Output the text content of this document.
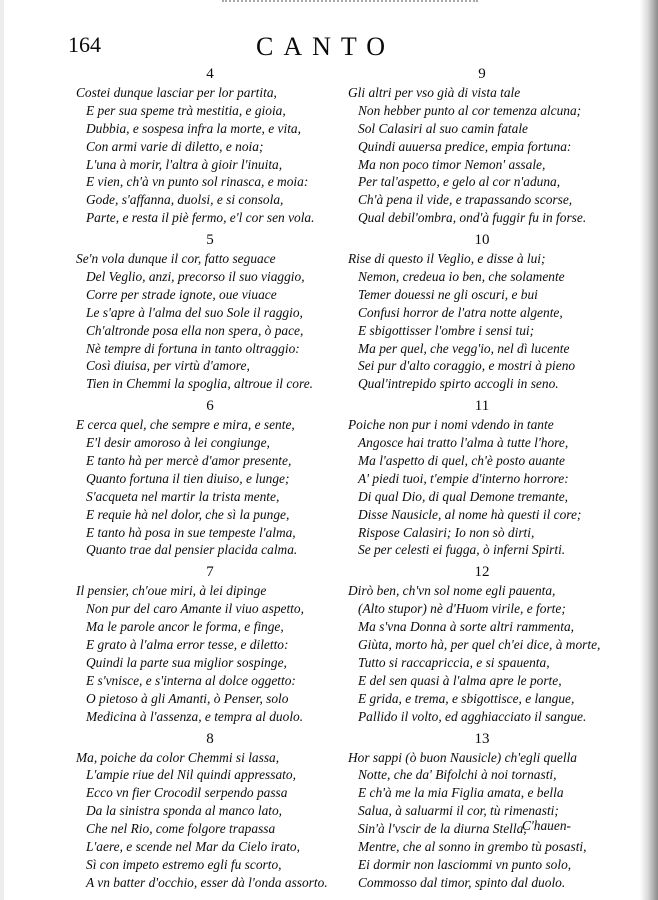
164	CANTO
4
Costei dunque lasciar per lor partita,
E per sua speme trà mestitia, e gioia,
Dubbia, e sospesa infra la morte, e vita,
Con armi varie di diletto, e noia;
L'una à morir, l'altra à gioir l'inuita,
E vien, ch'à vn punto sol rinasca, e moia:
Gode, s'affanna, duolsi, e si consola,
Parte, e resta il piè fermo, e'l cor sen vola.
5
Se'n vola dunque il cor, fatto seguace
Del Veglio, anzi, precorso il suo viaggio,
Corre per strade ignote, oue viuace
Le s'apre à l'alma del suo Sole il raggio,
Ch'altronde posa ella non spera, ò pace,
Nè tempre di fortuna in tanto oltraggio:
Così diuisa, per virtù d'amore,
Tien in Chemmi la spoglia, altroue il core.
6
E cerca quel, che sempre e mira, e sente,
E'l desir amoroso à lei congiunge,
E tanto hà per mercè d'amor presente,
Quanto fortuna il tien diuiso, e lunge;
S'acqueta nel martir la trista mente,
E requie hà nel dolor, che sì la punge,
E tanto hà posa in sue tempeste l'alma,
Quanto trae dal pensier placida calma.
7
Il pensier, ch'oue miri, à lei dipinge
Non pur del caro Amante il viuo aspetto,
Ma le parole ancor le forma, e finge,
E grato à l'alma error tesse, e diletto:
Quindi la parte sua miglior sospinge,
E s'vnisce, e s'interna al dolce oggetto:
O pietoso à gli Amanti, ò Penser, solo
Medicina à l'assenza, e tempra al duolo.
8
Ma, poiche da color Chemmi si lassa,
L'ampie riue del Nil quindi appressato,
Ecco vn fier Crocodil serpendo passa
Da la sinistra sponda al manco lato,
Che nel Rio, come folgore trapassa
L'aere, e scende nel Mar da Cielo irato,
Sì con impeto estremo egli fu scorto,
A vn batter d'occhio, esser dà l'onda assorto.
9
Gli altri per vso già di vista tale
Non hebber punto al cor temenza alcuna;
Sol Calasiri al suo camin fatale
Quindi auuersa predice, empia fortuna:
Ma non poco timor Nemon' assale,
Per tal'aspetto, e gelo al cor n'aduna,
Ch'à pena il vide, e trapassando scorse,
Qual debil'ombra, ond'à fuggir fu in forse.
10
Rise di questo il Veglio, e disse à lui;
Nemon, credeua io ben, che solamente
Temer douessi ne gli oscuri, e bui
Confusi horror de l'atra notte algente,
E sbigottisser l'ombre i sensi tui;
Ma per quel, che vegg'io, nel dì lucente
Sei pur d'alto coraggio, e mostri à pieno
Qual'intrepido spirto accogli in seno.
11
Poiche non pur i nomi vdendo in tante
Angosce hai tratto l'alma à tutte l'hore,
Ma l'aspetto di quel, ch'è posto auante
A' piedi tuoi, t'empie d'interno horrore:
Di qual Dio, di qual Demone tremante,
Disse Nausicle, al nome hà questi il core;
Rispose Calasiri; Io non sò dirti,
Se per celesti ei fugga, ò inferni Spirti.
12
Dirò ben, ch'vn sol nome egli pauenta,
(Alto stupor) nè d'Huom virile, e forte;
Ma s'vna Donna à sorte altri rammenta,
Giùta, morto hà, per quel ch'ei dice, à morte,
Tutto si raccapriccia, e si spauenta,
E del sen quasi à l'alma apre le porte,
E grida, e trema, e sbigottisce, e langue,
Pallido il volto, ed agghiacciato il sangue.
13
Hor sappi (ò buon Nausicle) ch'egli quella
Notte, che da' Bifolchi à noi tornasti,
E ch'à me la mia Figlia amata, e bella
Salua, à saluarmi il cor, tù rimenasti;
Sin'à l'vscir de la diurna Stella,
Mentre, che al sonno in grembo tù posasti,
Ei dormir non lasciommi vn punto solo,
Commosso dal timor, spinto dal duolo.
C'hauen-
